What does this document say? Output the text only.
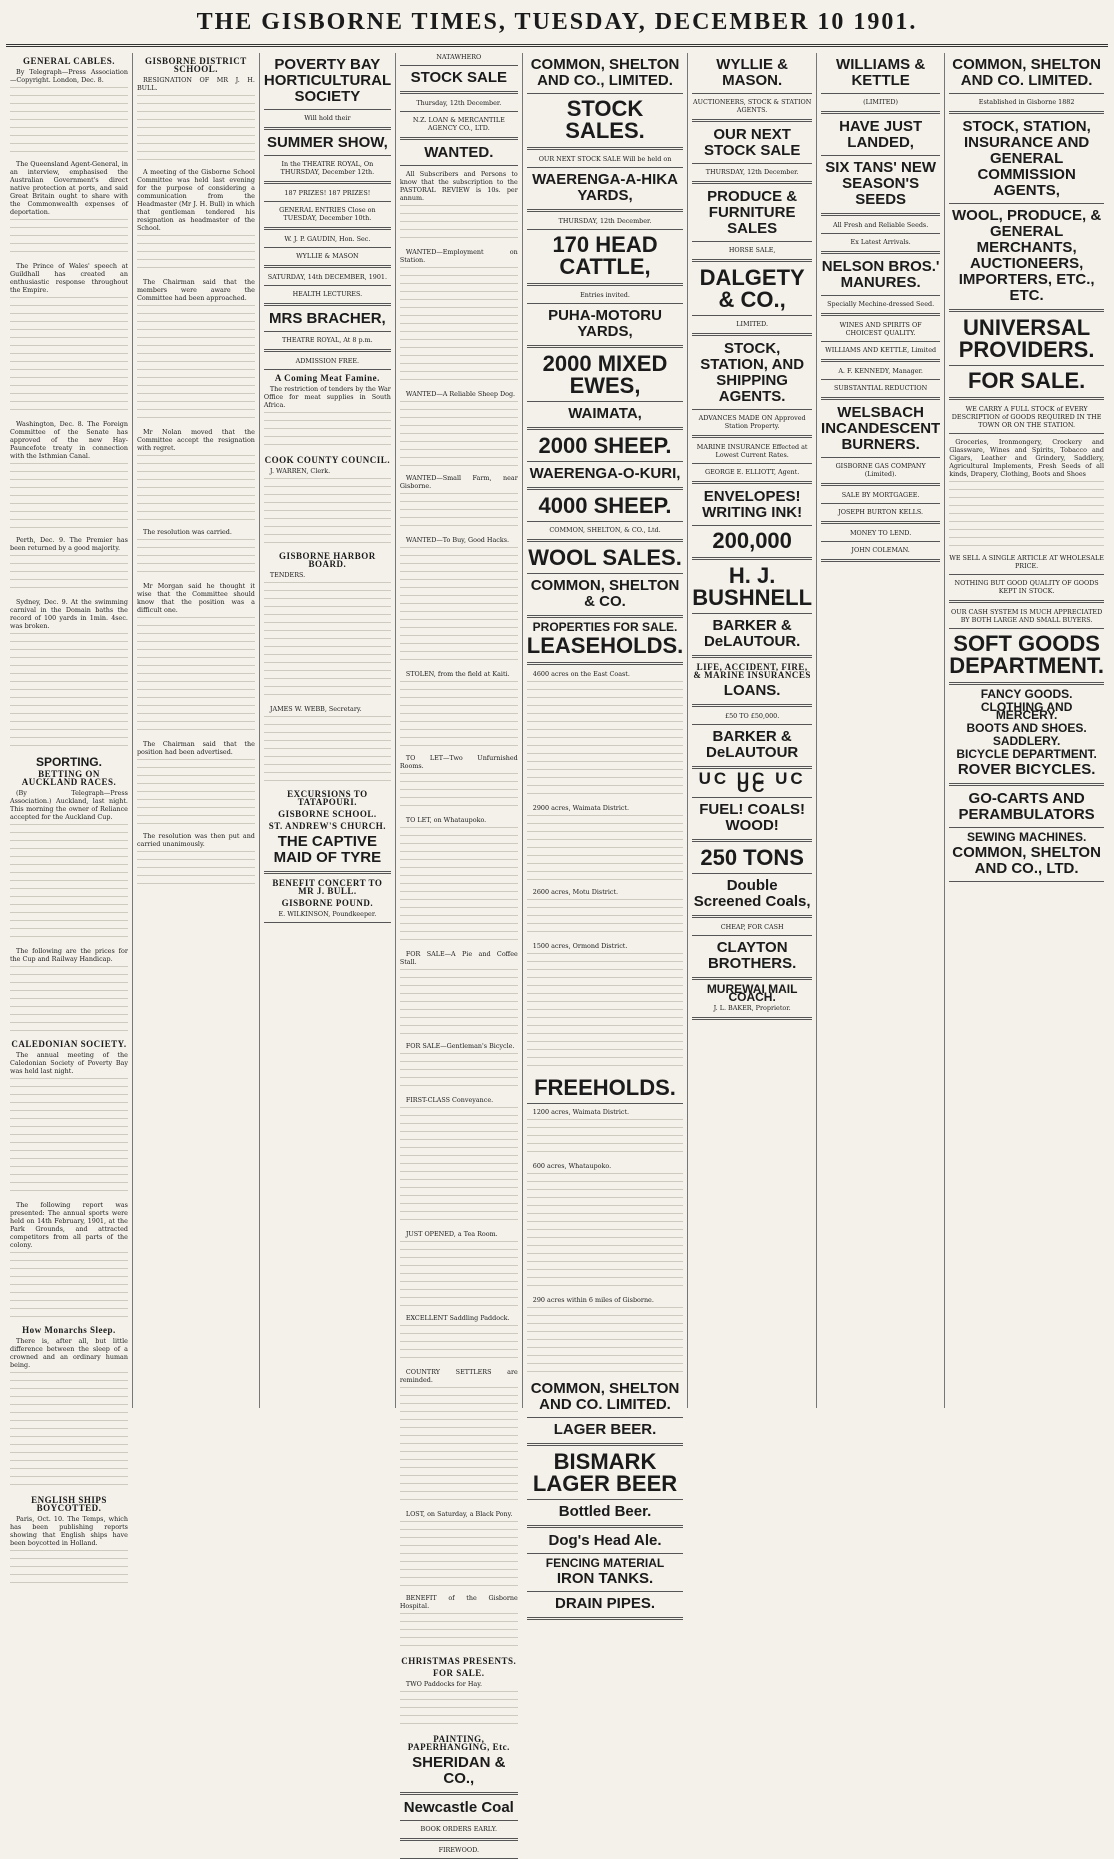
THE GISBORNE TIMES, TUESDAY, DECEMBER 10 1901.
GENERAL CABLES.

By Telegraph—Press Association—Copyright. London, Dec. 8.

The Queensland Agent-General, in an interview, emphasised the Australian Government's direct native protection at ports, and said Great Britain ought to share with the Commonwealth expenses of deportation.

The Prince of Wales' speech at Guildhall has created an enthusiastic response throughout the Empire.

Washington, Dec. 8. The Foreign Committee of the Senate has approved of the new Hay-Pauncefote treaty in connection with the Isthmian Canal.

Perth, Dec. 9. The Premier has been returned by a good majority.

Sydney, Dec. 9. At the swimming carnival in the Domain baths the record of 100 yards in 1min. 4sec. was broken.

SPORTING.
BETTING ON AUCKLAND RACES.

(By Telegraph—Press Association.) Auckland, last night. This morning the owner of Reliance accepted for the Auckland Cup.

The following are the prices for the Cup and Railway Handicap.

CALEDONIAN SOCIETY.

The annual meeting of the Caledonian Society of Poverty Bay was held last night.

The following report was presented: The annual sports were held on 14th February, 1901, at the Park Grounds, and attracted competitors from all parts of the colony.

How Monarchs Sleep.

There is, after all, but little difference between the sleep of a crowned and an ordinary human being.

ENGLISH SHIPS BOYCOTTED.

Paris, Oct. 10. The Temps, which has been publishing reports showing that English ships have been boycotted in Holland.

GISBORNE DISTRICT SCHOOL.

RESIGNATION OF MR J. H. BULL.

A meeting of the Gisborne School Committee was held last evening for the purpose of considering a communication from the Headmaster (Mr J. H. Bull) in which that gentleman tendered his resignation as headmaster of the School.

The Chairman said that the members were aware the Committee had been approached.

Mr Nolan moved that the Committee accept the resignation with regret.

The resolution was carried.

Mr Morgan said he thought it wise that the Committee should know that the position was a difficult one.

The Chairman said that the position had been advertised.

The resolution was then put and carried unanimously.

POVERTY BAY HORTICULTURAL SOCIETY

Will hold their

SUMMER SHOW,

In the THEATRE ROYAL, On THURSDAY, December 12th.

187 PRIZES! 187 PRIZES!

GENERAL ENTRIES Close on TUESDAY, December 10th.

W. J. P. GAUDIN, Hon. Sec.

WYLLIE & MASON

SATURDAY, 14th DECEMBER, 1901.

HEALTH LECTURES.

MRS BRACHER,

THEATRE ROYAL, At 8 p.m.

ADMISSION FREE.

A Coming Meat Famine.

The restriction of tenders by the War Office for meat supplies in South Africa.

COOK COUNTY COUNCIL.

J. WARREN, Clerk.

GISBORNE HARBOR BOARD.

TENDERS.

JAMES W. WEBB, Secretary.

EXCURSIONS TO TATAPOURI.
GISBORNE SCHOOL.
ST. ANDREW'S CHURCH.
THE CAPTIVE MAID OF TYRE
BENEFIT CONCERT TO MR J. BULL.
GISBORNE POUND.

E. WILKINSON, Poundkeeper.

NATAWHERO

STOCK SALE

Thursday, 12th December.

N.Z. LOAN & MERCANTILE AGENCY CO., LTD.

WANTED.

All Subscribers and Persons to know that the subscription to the PASTORAL REVIEW is 10s. per annum.

WANTED—Employment on Station.

WANTED—A Reliable Sheep Dog.

WANTED—Small Farm, near Gisborne.

WANTED—To Buy, Good Hacks.

STOLEN, from the field at Kaiti.

TO LET—Two Unfurnished Rooms.

TO LET, on Whataupoko.

FOR SALE—A Pie and Coffee Stall.

FOR SALE—Gentleman's Bicycle.

FIRST-CLASS Conveyance.

JUST OPENED, a Tea Room.

EXCELLENT Saddling Paddock.

COUNTRY SETTLERS are reminded.

LOST, on Saturday, a Black Pony.

BENEFIT of the Gisborne Hospital.

CHRISTMAS PRESENTS.
FOR SALE.

TWO Paddocks for Hay.

PAINTING, PAPERHANGING, Etc.
SHERIDAN & CO.,
Newcastle Coal

BOOK ORDERS EARLY.

FIREWOOD.

COMMON, SHELTON AND CO., LIMITED.
STOCK SALES.

OUR NEXT STOCK SALE Will be held on

WAERENGA-A-HIKA YARDS,

THURSDAY, 12th December.

170 HEAD CATTLE,

Entries invited.

PUHA-MOTORU YARDS,
2000 MIXED EWES,
WAIMATA,
2000 SHEEP.
WAERENGA-O-KURI,
4000 SHEEP.

COMMON, SHELTON, & CO., Ltd.

WOOL SALES.
COMMON, SHELTON & CO.
PROPERTIES FOR SALE.
LEASEHOLDS.

4600 acres on the East Coast.

2900 acres, Waimata District.

2600 acres, Motu District.

1500 acres, Ormond District.

FREEHOLDS.

1200 acres, Waimata District.

600 acres, Whataupoko.

290 acres within 6 miles of Gisborne.

COMMON, SHELTON AND CO. LIMITED.
LAGER BEER.
BISMARK LAGER BEER
Bottled Beer.
Dog's Head Ale.
FENCING MATERIAL
IRON TANKS.
DRAIN PIPES.
WYLLIE & MASON.

AUCTIONEERS, STOCK & STATION AGENTS.

OUR NEXT STOCK SALE

THURSDAY, 12th December.

PRODUCE & FURNITURE SALES

HORSE SALE,

DALGETY & CO.,

LIMITED.

STOCK, STATION, AND SHIPPING AGENTS.

ADVANCES MADE ON Approved Station Property.

MARINE INSURANCE Effected at Lowest Current Rates.

GEORGE E. ELLIOTT, Agent.

ENVELOPES! WRITING INK!
200,000
H. J. BUSHNELL
BARKER & DeLAUTOUR.
LIFE, ACCIDENT, FIRE, & MARINE INSURANCES
LOANS.

£50 TO £50,000.

BARKER & DeLAUTOUR
UC UC UC UC
FUEL! COALS! WOOD!
250 TONS
Double Screened Coals,

CHEAP, FOR CASH

CLAYTON BROTHERS.
MUREWAI MAIL COACH.

J. L. BAKER, Proprietor.

WILLIAMS & KETTLE

(LIMITED)

HAVE JUST LANDED,
SIX TANS' NEW SEASON'S SEEDS

All Fresh and Reliable Seeds.

Ex Latest Arrivals.

NELSON BROS.' MANURES.

Specially Mechine-dressed Seed.

WINES AND SPIRITS OF CHOICEST QUALITY.

WILLIAMS AND KETTLE, Limited

A. F. KENNEDY, Manager.

SUBSTANTIAL REDUCTION

WELSBACH INCANDESCENT BURNERS.

GISBORNE GAS COMPANY (Limited).

SALE BY MORTGAGEE.

JOSEPH BURTON KELLS.

MONEY TO LEND.

JOHN COLEMAN.

COMMON, SHELTON AND CO. LIMITED.

Established in Gisborne 1882

STOCK, STATION, INSURANCE AND GENERAL COMMISSION AGENTS,
WOOL, PRODUCE, & GENERAL MERCHANTS, AUCTIONEERS, IMPORTERS, ETC., ETC.
UNIVERSAL PROVIDERS.
FOR SALE.

WE CARRY A FULL STOCK of EVERY DESCRIPTION of GOODS REQUIRED IN THE TOWN OR ON THE STATION.

Groceries, Ironmongery, Crockery and Glassware, Wines and Spirits, Tobacco and Cigars, Leather and Grindery, Saddlery, Agricultural Implements, Fresh Seeds of all kinds, Drapery, Clothing, Boots and Shoes

WE SELL A SINGLE ARTICLE AT WHOLESALE PRICE.

NOTHING BUT GOOD QUALITY OF GOODS KEPT IN STOCK.

OUR CASH SYSTEM IS MUCH APPRECIATED BY BOTH LARGE AND SMALL BUYERS.

SOFT GOODS DEPARTMENT.
FANCY GOODS.
CLOTHING AND MERCERY.
BOOTS AND SHOES.
SADDLERY.
BICYCLE DEPARTMENT.
ROVER BICYCLES.
GO-CARTS AND PERAMBULATORS
SEWING MACHINES.
COMMON, SHELTON AND CO., LTD.
